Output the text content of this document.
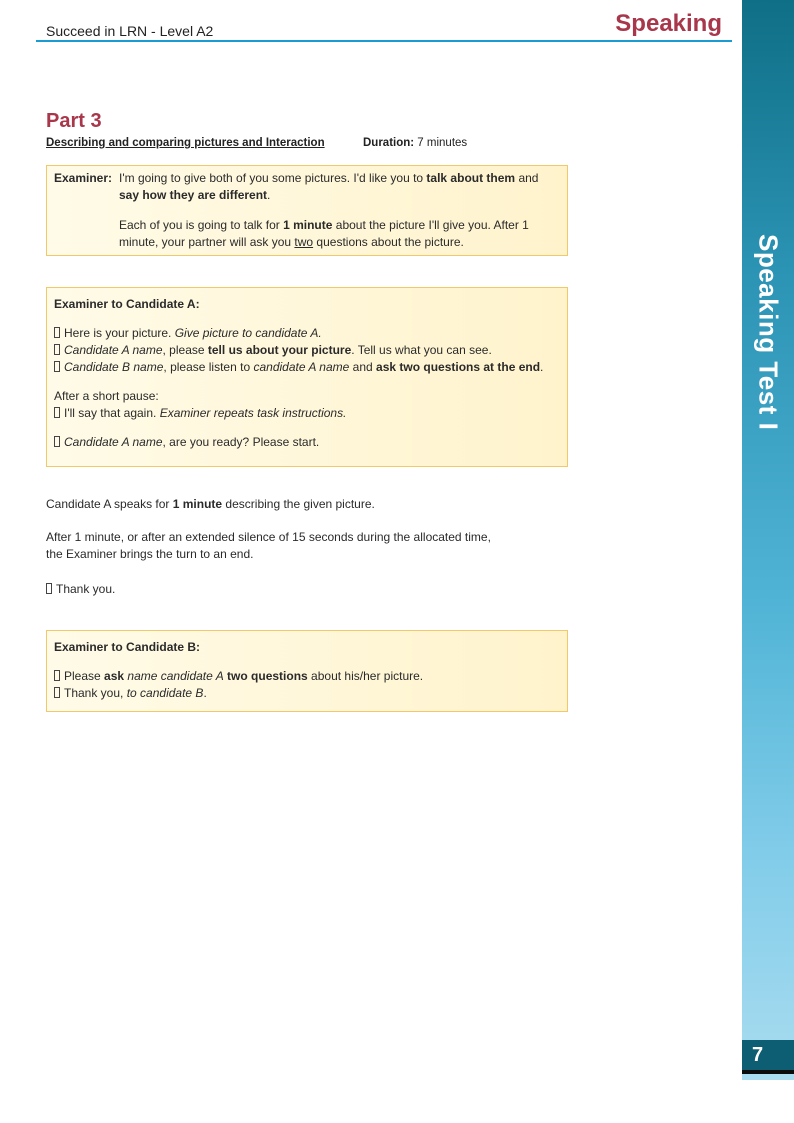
Succeed in LRN - Level A2	Speaking
Speaking Test I
7
Part 3
Describing and comparing pictures and Interaction	Duration: 7 minutes
Examiner: I'm going to give both of you some pictures. I'd like you to talk about them and say how they are different.

Each of you is going to talk for 1 minute about the picture I'll give you. After 1 minute, your partner will ask you two questions about the picture.

Examiner to Candidate A:
Here is your picture. Give picture to candidate A.
Candidate A name, please tell us about your picture. Tell us what you can see.
Candidate B name, please listen to candidate A name and ask two questions at the end.
After a short pause:
I'll say that again. Examiner repeats task instructions.
Candidate A name, are you ready? Please start.
Candidate A speaks for 1 minute describing the given picture.
After 1 minute, or after an extended silence of 15 seconds during the allocated time,
the Examiner brings the turn to an end.
Thank you.
Examiner to Candidate B:
Please ask name candidate A two questions about his/her picture.
Thank you, to candidate B.
